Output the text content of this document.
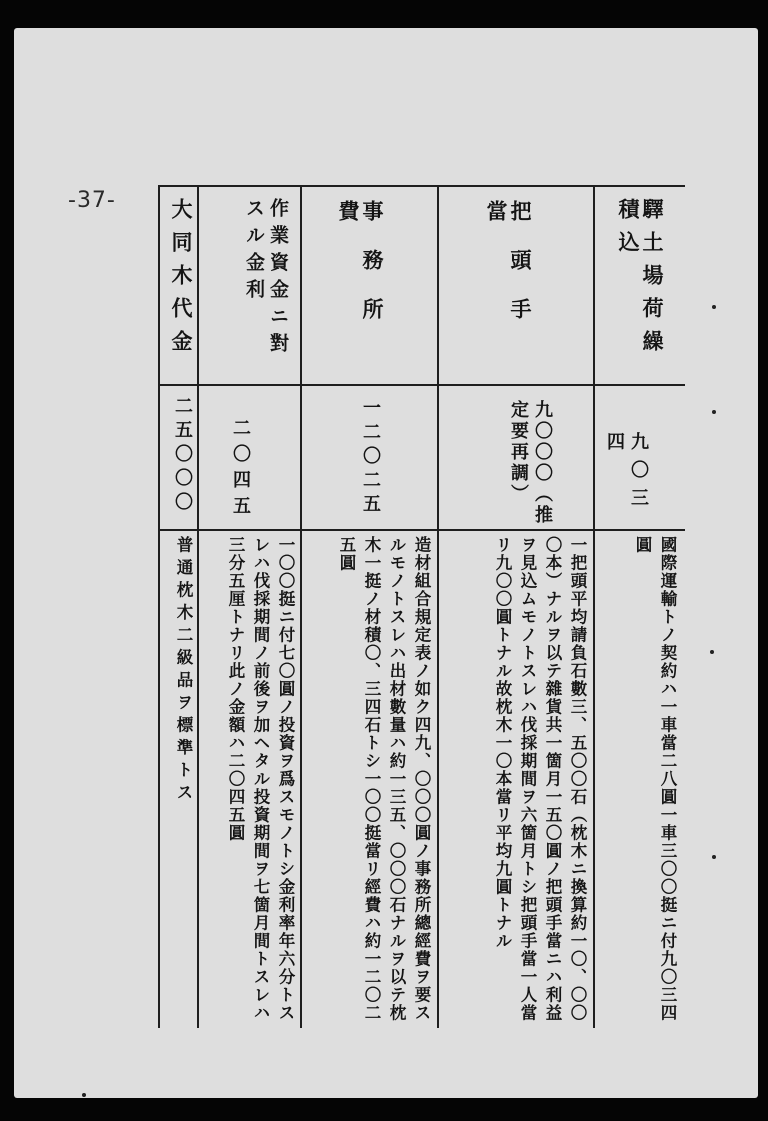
-37-	驛土場荷繰積込
九〇三四
國際運輸トノ契約ハ一車當二八圓一車三〇〇挺ニ付九〇三四圓
把頭手當
九〇〇〇（推定要再調）
一把頭平均請負石數三、五〇〇石（枕木ニ換算約一〇、〇〇〇本）ナルヲ以テ雜貨共一箇月一五〇圓ノ把頭手當ニハ利益ヲ見込ムモノトスレハ伐採期間ヲ六箇月トシ把頭手當一人當リ九〇〇圓トナル故枕木一〇本當リ平均九圓トナル
事務所費
一二〇二五
造材組合規定表ノ如ク四九、〇〇〇圓ノ事務所總經費ヲ要スルモノトスレハ出材數量ハ約一三五、〇〇〇石ナルヲ以テ枕木一挺ノ材積〇、三四石トシ一〇〇挺當リ經費ハ約一二〇二五圓
作業資金ニ對スル金利
二〇四五
一〇〇挺ニ付七〇圓ノ投資ヲ爲スモノトシ金利率年六分トスレハ伐採期間ノ前後ヲ加ヘタル投資期間ヲ七箇月間トスレハ三分五厘トナリ此ノ金額ハ二〇四五圓
大同木代金
二五〇〇〇
普通枕木二級品ヲ標準トス
